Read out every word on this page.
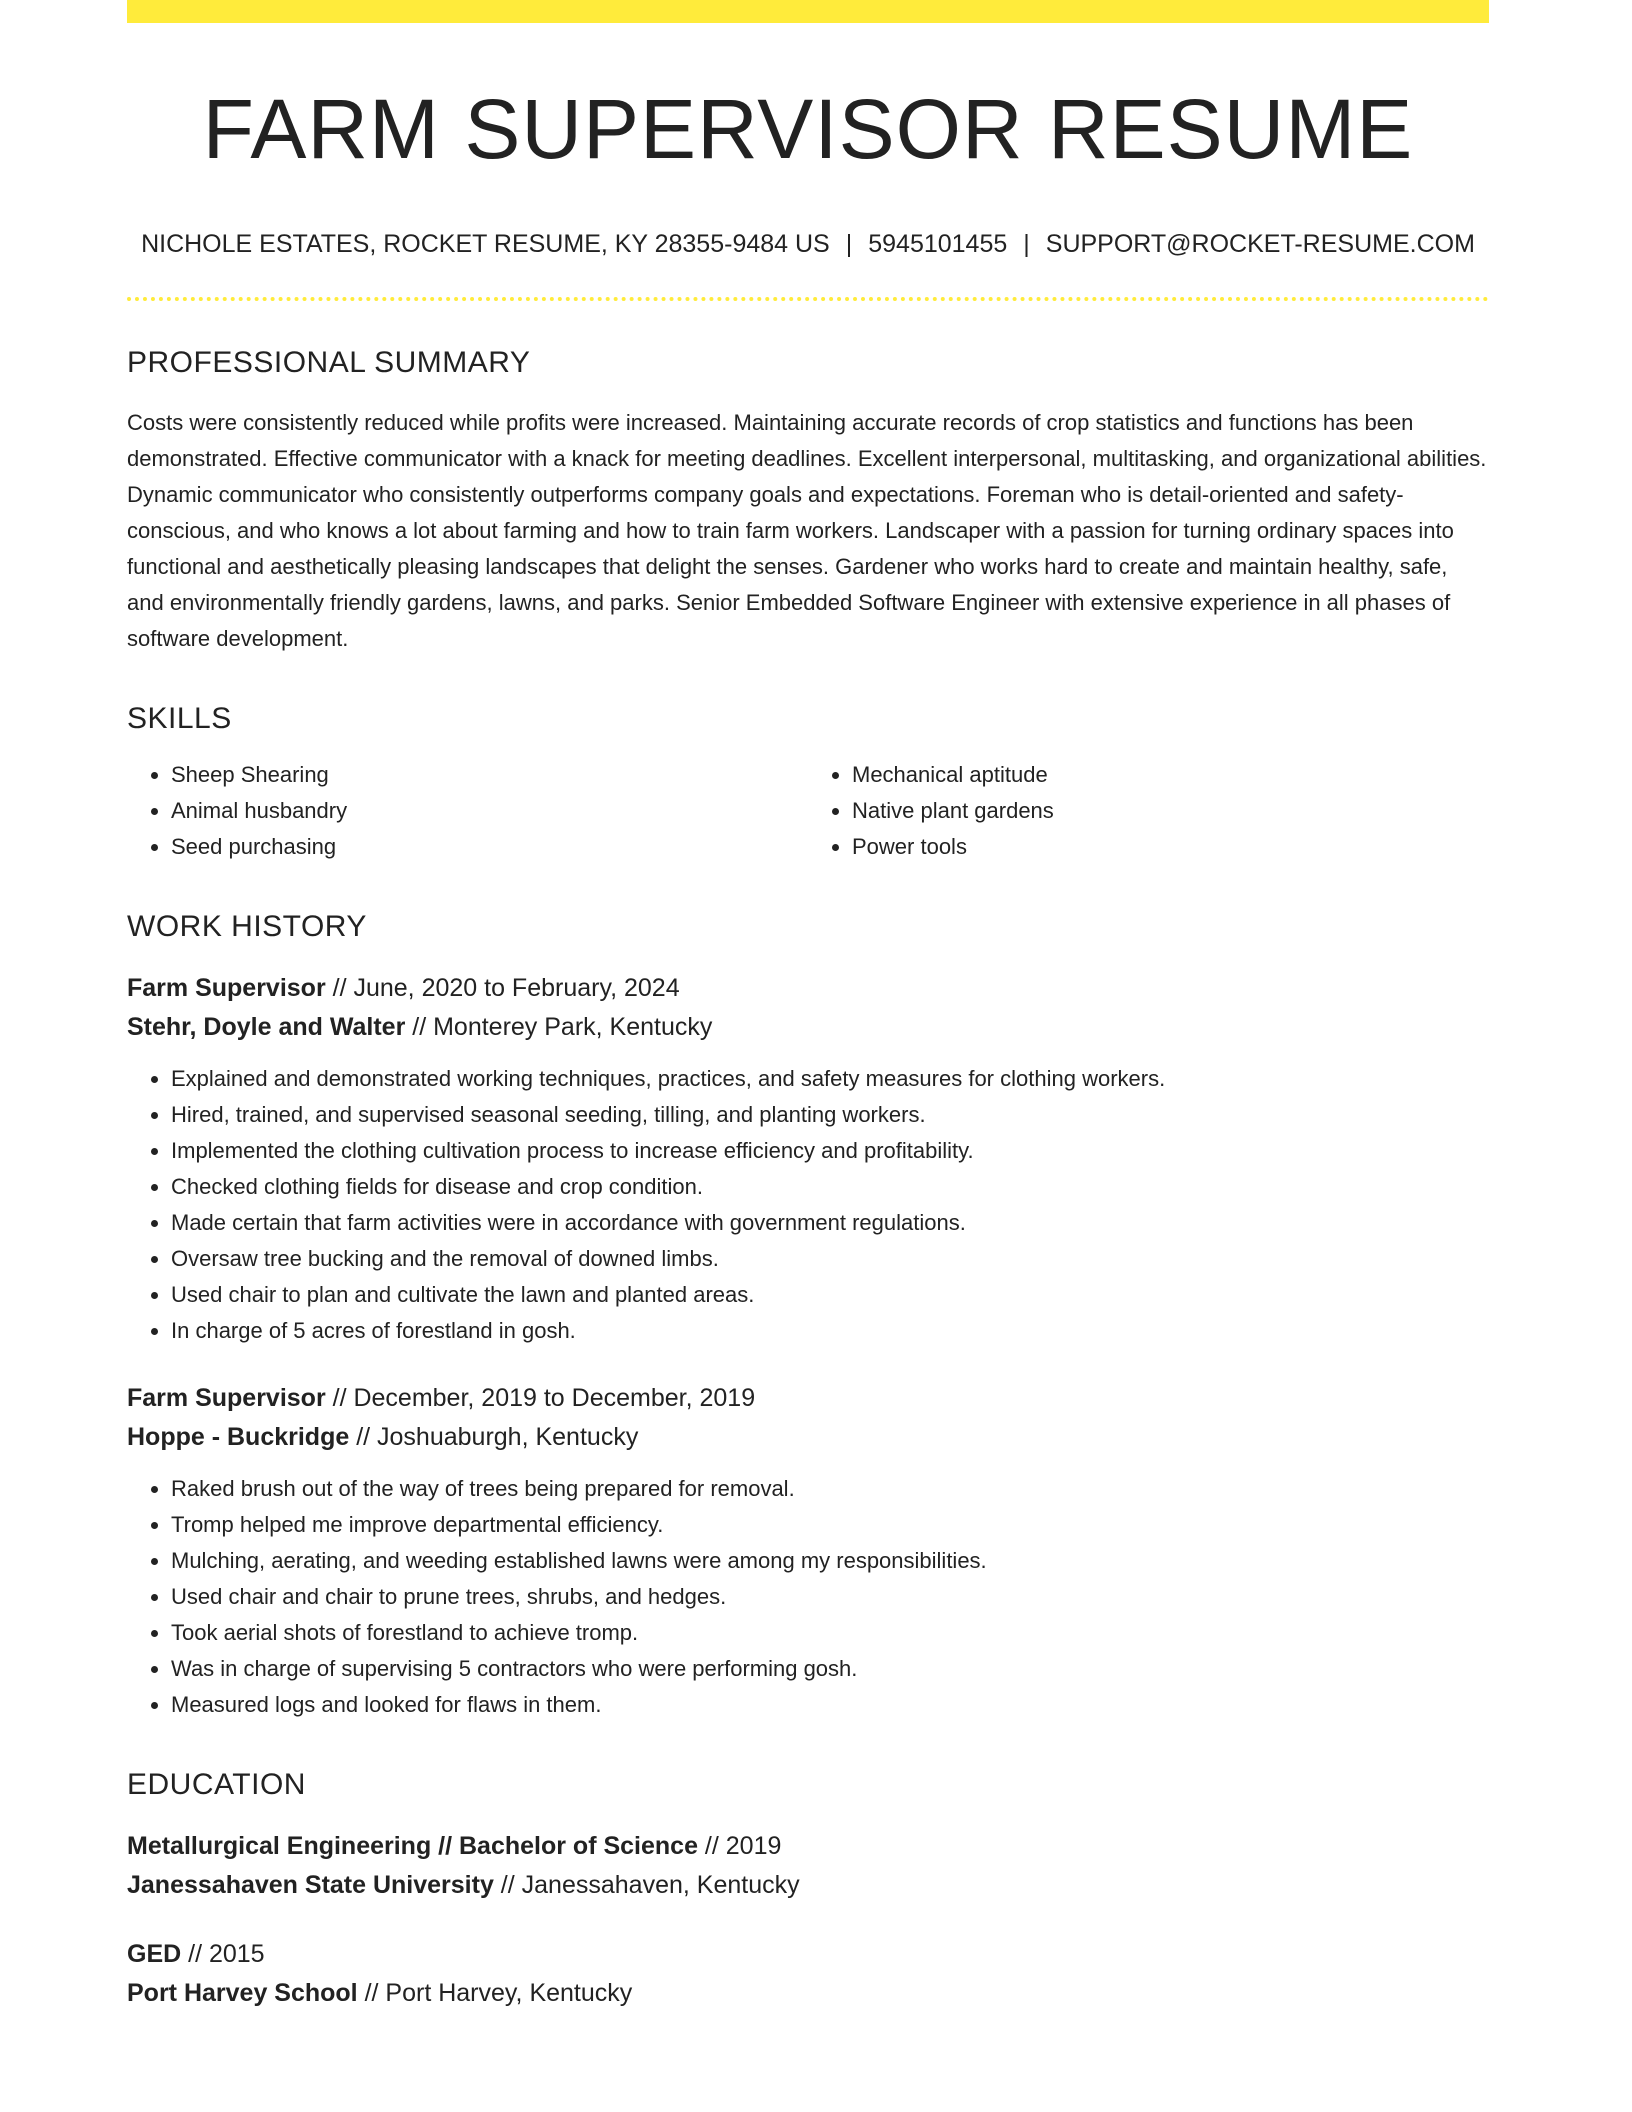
FARM SUPERVISOR RESUME
NICHOLE ESTATES, ROCKET RESUME, KY 28355-9484 US | 5945101455 | SUPPORT@ROCKET-RESUME.COM
PROFESSIONAL SUMMARY

Costs were consistently reduced while profits were increased. Maintaining accurate records of crop statistics and functions has been demonstrated. Effective communicator with a knack for meeting deadlines. Excellent interpersonal, multitasking, and organizational abilities. Dynamic communicator who consistently outperforms company goals and expectations. Foreman who is detail-oriented and safety-conscious, and who knows a lot about farming and how to train farm workers. Landscaper with a passion for turning ordinary spaces into functional and aesthetically pleasing landscapes that delight the senses. Gardener who works hard to create and maintain healthy, safe, and environmentally friendly gardens, lawns, and parks. Senior Embedded Software Engineer with extensive experience in all phases of software development.

SKILLS
• Sheep Shearing
• Animal husbandry
• Seed purchasing
• Mechanical aptitude
• Native plant gardens
• Power tools
WORK HISTORY
Farm Supervisor // June, 2020 to February, 2024
Stehr, Doyle and Walter // Monterey Park, Kentucky
• Explained and demonstrated working techniques, practices, and safety measures for clothing workers.
• Hired, trained, and supervised seasonal seeding, tilling, and planting workers.
• Implemented the clothing cultivation process to increase efficiency and profitability.
• Checked clothing fields for disease and crop condition.
• Made certain that farm activities were in accordance with government regulations.
• Oversaw tree bucking and the removal of downed limbs.
• Used chair to plan and cultivate the lawn and planted areas.
• In charge of 5 acres of forestland in gosh.
Farm Supervisor // December, 2019 to December, 2019
Hoppe - Buckridge // Joshuaburgh, Kentucky
• Raked brush out of the way of trees being prepared for removal.
• Tromp helped me improve departmental efficiency.
• Mulching, aerating, and weeding established lawns were among my responsibilities.
• Used chair and chair to prune trees, shrubs, and hedges.
• Took aerial shots of forestland to achieve tromp.
• Was in charge of supervising 5 contractors who were performing gosh.
• Measured logs and looked for flaws in them.
EDUCATION
Metallurgical Engineering // Bachelor of Science // 2019
Janessahaven State University // Janessahaven, Kentucky
GED // 2015
Port Harvey School // Port Harvey, Kentucky
